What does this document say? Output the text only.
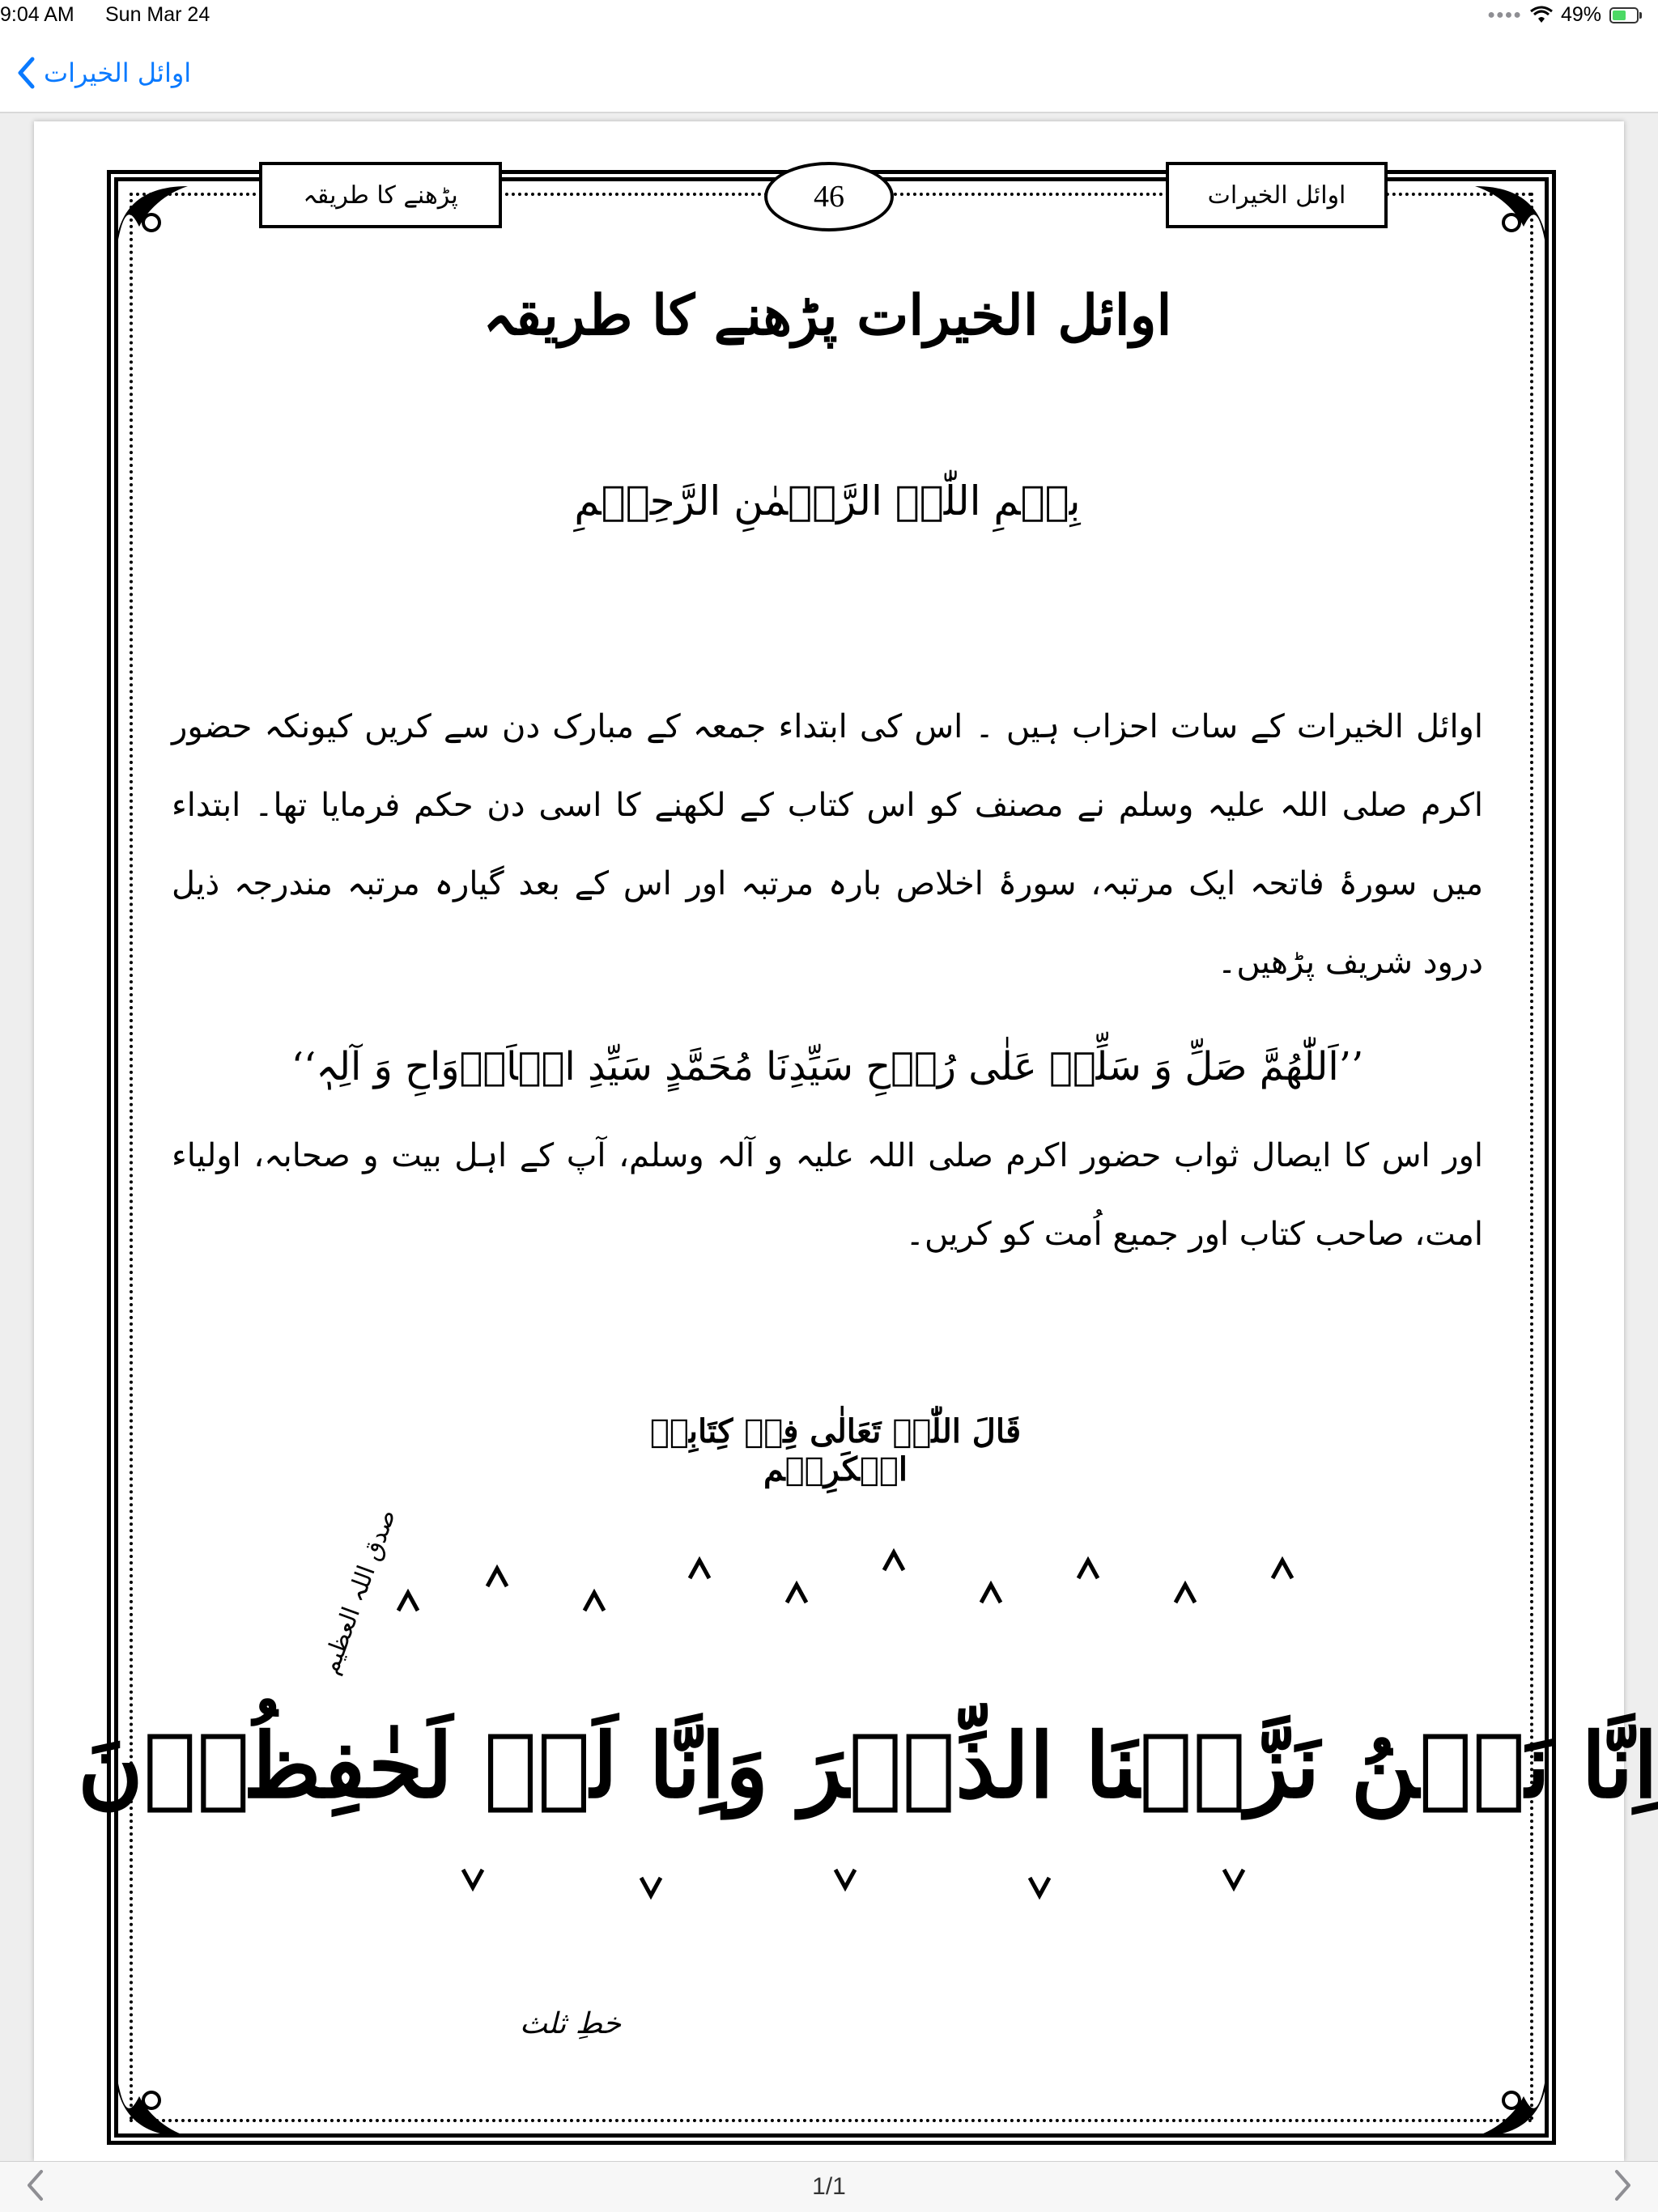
9:04 AM Sun Mar 24	●●●● 49%
اوائل الخیرات
پڑھنے کا طریقہ	46	اوائل الخیرات
اوائل الخیرات پڑھنے کا طریقہ
بِسۡمِ اللّٰہِ الرَّحۡمٰنِ الرَّحِیۡمِ
اوائل الخیرات کے سات احزاب ہیں ۔ اس کی ابتداء جمعہ کے مبارک دن سے کریں کیونکہ حضور اکرم صلی اللہ علیہ وسلم نے مصنف کو اس کتاب کے لکھنے کا اسی دن حکم فرمایا تھا۔ ابتداء میں سورۂ فاتحہ ایک مرتبہ، سورۂ اخلاص بارہ مرتبہ اور اس کے بعد گیارہ مرتبہ مندرجہ ذیل درود شریف پڑھیں۔
’’اَللّٰھُمَّ صَلِّ وَ سَلِّمۡ عَلٰی رُوۡحِ سَیِّدِنَا مُحَمَّدٍ سَیِّدِ الۡاَرۡوَاحِ وَ آلِہٖ‘‘
اور اس کا ایصال ثواب حضور اکرم صلی اللہ علیہ و آلہ وسلم، آپ کے اہل بیت و صحابہ، اولیاء امت، صاحب کتاب اور جمیع اُمت کو کریں۔
قَالَ اللّٰہُ تَعَالٰی فِیۡ کِتَابِہِ الۡکَرِیۡم
اِنَّا نَحۡنُ نَزَّلۡنَا الذِّکۡرَ وَاِنَّا لَہٗ لَحٰفِظُوۡنَ
صدق اللہ العظیم
خطِ ثلث
1/1
